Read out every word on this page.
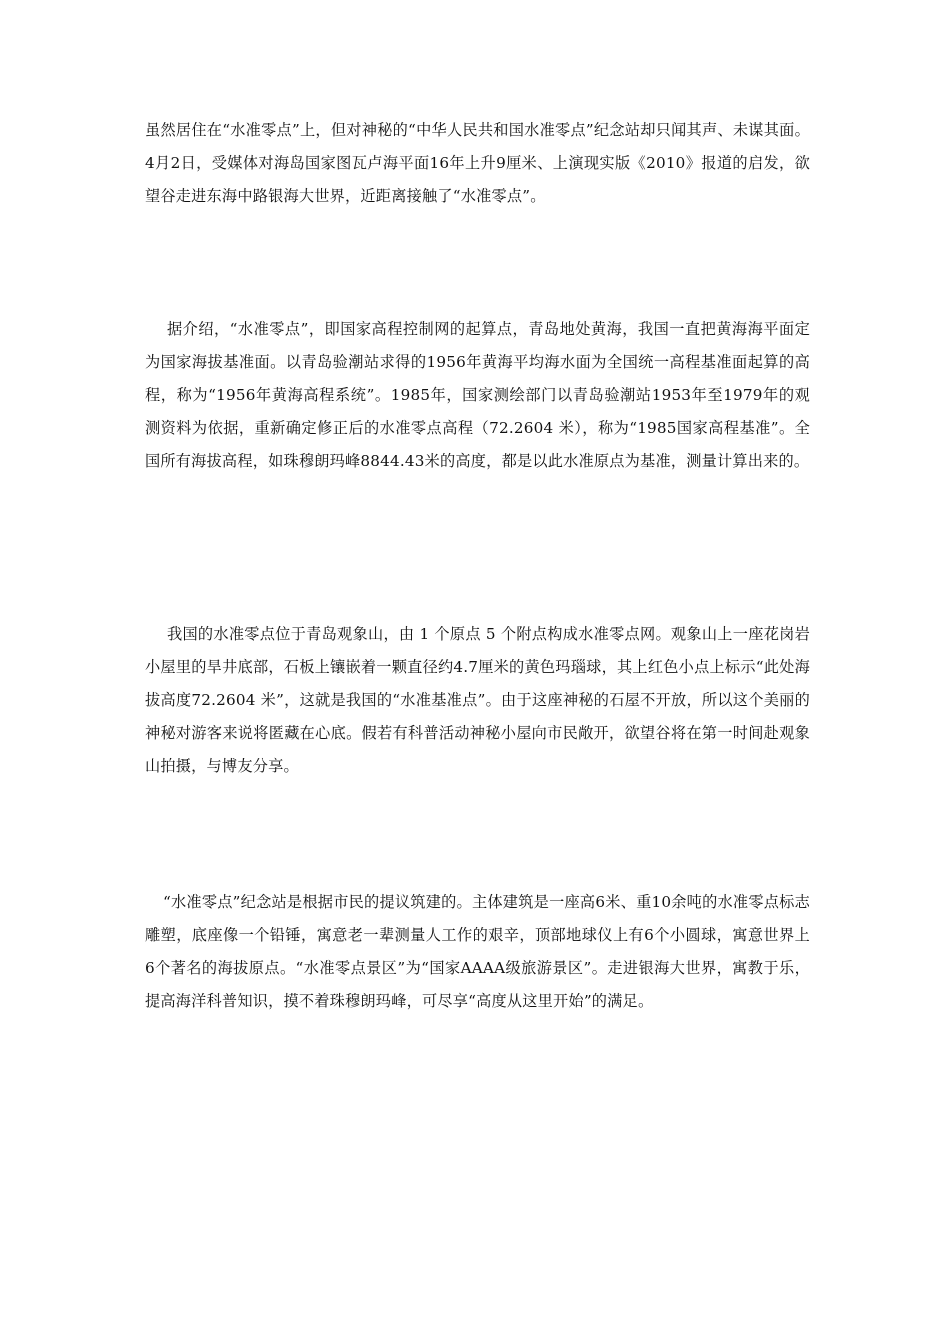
虽然居住在“水准零点”上，但对神秘的“中华人民共和国水准零点”纪念站却只闻其声、未谋其面。4月2日，受媒体对海岛国家图瓦卢海平面16年上升9厘米、上演现实版《2010》报道的启发，欲望谷走进东海中路银海大世界，近距离接触了“水准零点”。

据介绍，“水准零点”，即国家高程控制网的起算点，青岛地处黄海，我国一直把黄海海平面定为国家海拔基准面。以青岛验潮站求得的1956年黄海平均海水面为全国统一高程基准面起算的高程，称为“1956年黄海高程系统”。1985年，国家测绘部门以青岛验潮站1953年至1979年的观测资料为依据，重新确定修正后的水准零点高程（72.2604 米），称为“1985国家高程基准”。全国所有海拔高程，如珠穆朗玛峰8844.43米的高度，都是以此水准原点为基准，测量计算出来的。

我国的水准零点位于青岛观象山，由 1 个原点 5 个附点构成水准零点网。观象山上一座花岗岩小屋里的旱井底部，石板上镶嵌着一颗直径约4.7厘米的黄色玛瑙球，其上红色小点上标示“此处海拔高度72.2604 米”，这就是我国的“水准基准点”。由于这座神秘的石屋不开放，所以这个美丽的神秘对游客来说将匿藏在心底。假若有科普活动神秘小屋向市民敞开，欲望谷将在第一时间赴观象山拍摄，与博友分享。

“水准零点”纪念站是根据市民的提议筑建的。主体建筑是一座高6米、重10余吨的水准零点标志雕塑，底座像一个铅锤，寓意老一辈测量人工作的艰辛，顶部地球仪上有6个小圆球，寓意世界上6个著名的海拔原点。“水准零点景区”为“国家AAAA级旅游景区”。走进银海大世界，寓教于乐，提高海洋科普知识，摸不着珠穆朗玛峰，可尽享“高度从这里开始”的满足。
